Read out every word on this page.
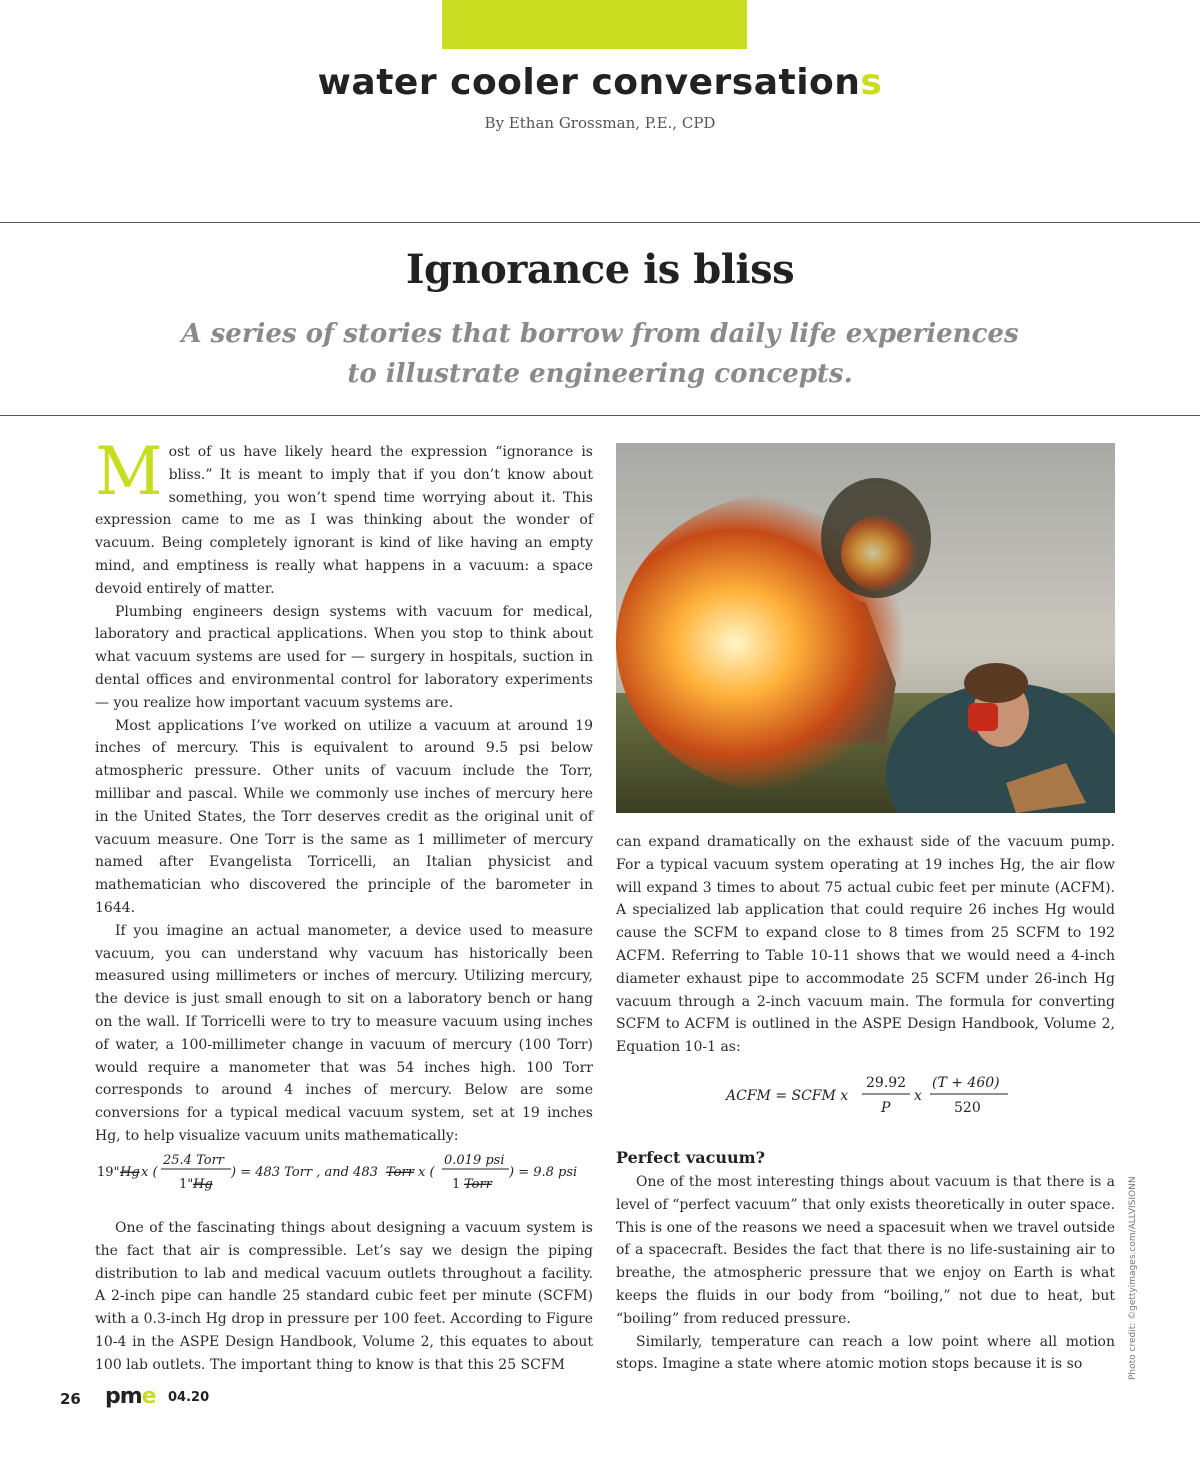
water cooler conversations
By Ethan Grossman, P.E., CPD
Ignorance is bliss
A series of stories that borrow from daily life experiences
to illustrate engineering concepts.

Most of us have likely heard the expression “ignorance is bliss.” It is meant to imply that if you don’t know about something, you won’t spend time worrying about it. This expression came to me as I was thinking about the wonder of vacuum. Being completely ignorant is kind of like having an empty mind, and emptiness is really what happens in a vacuum: a space devoid entirely of matter.

Plumbing engineers design systems with vacuum for medical, laboratory and practical applications. When you stop to think about what vacuum systems are used for — surgery in hospitals, suction in dental offices and environmental control for laboratory experiments — you realize how important vacuum systems are.

Most applications I’ve worked on utilize a vacuum at around 19 inches of mercury. This is equivalent to around 9.5 psi below atmospheric pressure. Other units of vacuum include the Torr, millibar and pascal. While we commonly use inches of mercury here in the United States, the Torr deserves credit as the original unit of vacuum measure. One Torr is the same as 1 millimeter of mercury named after Evangelista Torricelli, an Italian physicist and mathematician who discovered the principle of the barometer in 1644.

If you imagine an actual manometer, a device used to measure vacuum, you can understand why vacuum has historically been measured using millimeters or inches of mercury. Utilizing mercury, the device is just small enough to sit on a laboratory bench or hang on the wall. If Torricelli were to try to measure vacuum using inches of water, a 100-millimeter change in vacuum of mercury (100 Torr) would require a manometer that was 54 inches high. 100 Torr corresponds to around 4 inches of mercury. Below are some conversions for a typical medical vacuum system, set at 19 inches Hg, to help visualize vacuum units mathematically:

19" Hg x (
25.4 Torr
1" Hg
) = 483 Torr , and 483 Torr x (
0.019 psi
1 Torr
) = 9.8 psi

One of the fascinating things about designing a vacuum system is the fact that air is compressible. Let’s say we design the piping distribution to lab and medical vacuum outlets throughout a facility. A 2-inch pipe can handle 25 standard cubic feet per minute (SCFM) with a 0.3-inch Hg drop in pressure per 100 feet. According to Figure 10-4 in the ASPE Design Handbook, Volume 2, this equates to about 100 lab outlets. The important thing to know is that this 25 SCFM

can expand dramatically on the exhaust side of the vacuum pump. For a typical vacuum system operating at 19 inches Hg, the air flow will expand 3 times to about 75 actual cubic feet per minute (ACFM). A specialized lab application that could require 26 inches Hg would cause the SCFM to expand close to 8 times from 25 SCFM to 192 ACFM. Referring to Table 10-11 shows that we would need a 4-inch diameter exhaust pipe to accommodate 25 SCFM under 26-inch Hg vacuum through a 2-inch vacuum main. The formula for converting SCFM to ACFM is outlined in the ASPE Design Handbook, Volume 2, Equation 10-1 as:

ACFM = SCFM x
29.92
P
x
(T + 460)
520
Perfect vacuum?

One of the most interesting things about vacuum is that there is a level of “perfect vacuum” that only exists theoretically in outer space. This is one of the reasons we need a spacesuit when we travel outside of a spacecraft. Besides the fact that there is no life-sustaining air to breathe, the atmospheric pressure that we enjoy on Earth is what keeps the fluids in our body from “boiling,” not due to heat, but “boiling” from reduced pressure.

Similarly, temperature can reach a low point where all motion stops. Imagine a state where atomic motion stops because it is so	Photo credit: ©gettyimages.com/ALLVISIONN
26 pme 04.20
